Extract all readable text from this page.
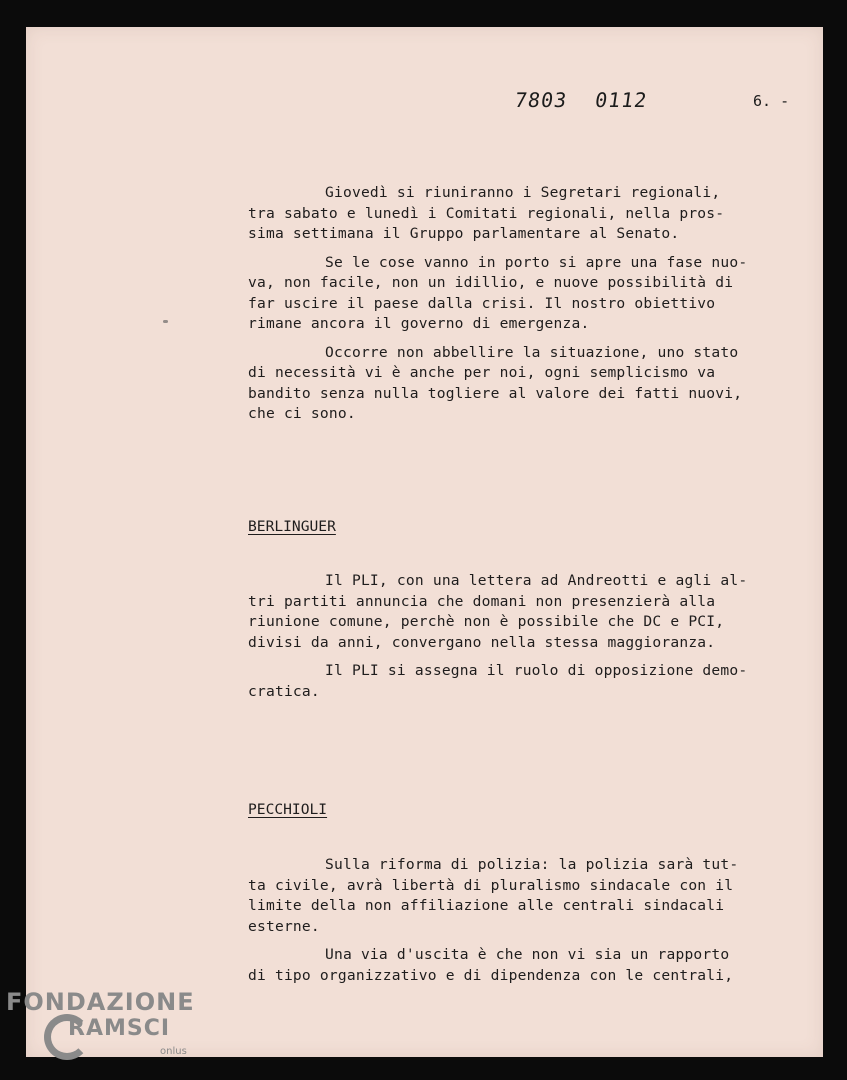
7803 0112	6. -

Giovedì si riuniranno i Segretari regionali,
tra sabato e lunedì i Comitati regionali, nella pros-
sima settimana il Gruppo parlamentare al Senato.

Se le cose vanno in porto si apre una fase nuo-
va, non facile, non un idillio, e nuove possibilità di
far uscire il paese dalla crisi. Il nostro obiettivo
rimane ancora il governo di emergenza.

Occorre non abbellire la situazione, uno stato
di necessità vi è anche per noi, ogni semplicismo va
bandito senza nulla togliere al valore dei fatti nuovi,
che ci sono.

BERLINGUER

Il PLI, con una lettera ad Andreotti e agli al-
tri partiti annuncia che domani non presenzierà alla
riunione comune, perchè non è possibile che DC e PCI,
divisi da anni, convergano nella stessa maggioranza.

Il PLI si assegna il ruolo di opposizione demo-
cratica.

PECCHIOLI

Sulla riforma di polizia: la polizia sarà tut-
ta civile, avrà libertà di pluralismo sindacale con il
limite della non affiliazione alle centrali sindacali
esterne.

Una via d'uscita è che non vi sia un rapporto
di tipo organizzativo e di dipendenza con le centrali,

FONDAZIONE
RAMSCI
onlus
